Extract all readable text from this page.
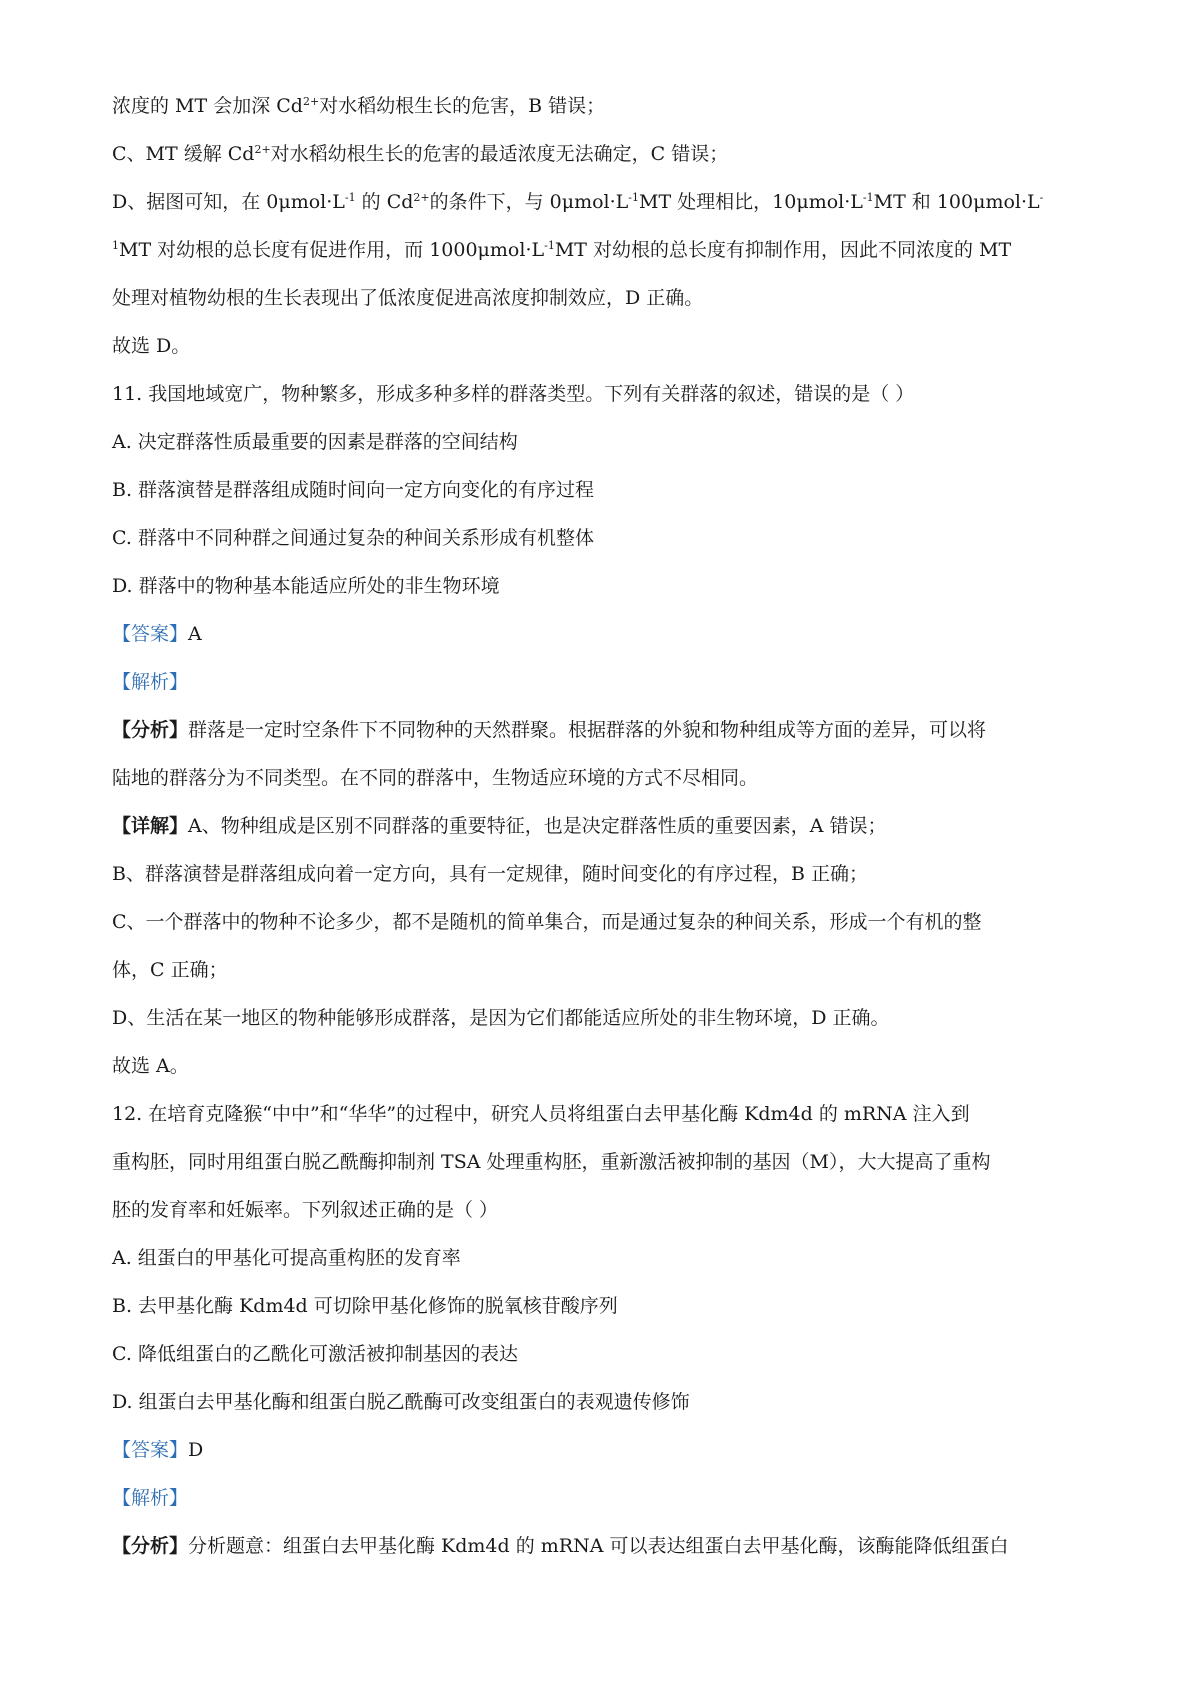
浓度的 MT 会加深 $Cd^{2+}$对水稻幼根生长的危害，B 错误；
C、MT 缓解 $Cd^{2+}$对水稻幼根生长的危害的最适浓度无法确定，C 错误；
D、据图可知，在 $0\mu mol\cdot L^{-1}$ 的 $Cd^{2+}$的条件下，与 $0\mu mol\cdot L^{-1}MT$ 处理相比，$10\mu mol\cdot L^{-1}MT$ 和 100μmol·L-
$^1$MT 对幼根的总长度有促进作用，而 $1000\mu mol\cdot L^{-1}MT$ 对幼根的总长度有抑制作用，因此不同浓度的 MT
处理对植物幼根的生长表现出了低浓度促进高浓度抑制效应，D 正确。
故选 D。
11. 我国地域宽广，物种繁多，形成多种多样的群落类型。下列有关群落的叙述，错误的是（ ）
A. 决定群落性质最重要的因素是群落的空间结构
B. 群落演替是群落组成随时间向一定方向变化的有序过程
C. 群落中不同种群之间通过复杂的种间关系形成有机整体
D. 群落中的物种基本能适应所处的非生物环境
【答案】A
【解析】
【分析】群落是一定时空条件下不同物种的天然群聚。根据群落的外貌和物种组成等方面的差异，可以将
陆地的群落分为不同类型。在不同的群落中，生物适应环境的方式不尽相同。
【详解】A、物种组成是区别不同群落的重要特征，也是决定群落性质的重要因素，A 错误；
B、群落演替是群落组成向着一定方向，具有一定规律，随时间变化的有序过程，B 正确；
C、一个群落中的物种不论多少，都不是随机的简单集合，而是通过复杂的种间关系，形成一个有机的整
体，C 正确；
D、生活在某一地区的物种能够形成群落，是因为它们都能适应所处的非生物环境，D 正确。
故选 A。
12. 在培育克隆猴“中中”和“华华”的过程中，研究人员将组蛋白去甲基化酶 Kdm4d 的 mRNA 注入到
重构胚，同时用组蛋白脱乙酰酶抑制剂 TSA 处理重构胚，重新激活被抑制的基因（M），大大提高了重构
胚的发育率和妊娠率。下列叙述正确的是（ ）
A. 组蛋白的甲基化可提高重构胚的发育率
B. 去甲基化酶 Kdm4d 可切除甲基化修饰的脱氧核苷酸序列
C. 降低组蛋白的乙酰化可激活被抑制基因的表达
D. 组蛋白去甲基化酶和组蛋白脱乙酰酶可改变组蛋白的表观遗传修饰
【答案】D
【解析】
【分析】分析题意：组蛋白去甲基化酶 Kdm4d 的 mRNA 可以表达组蛋白去甲基化酶，该酶能降低组蛋白
